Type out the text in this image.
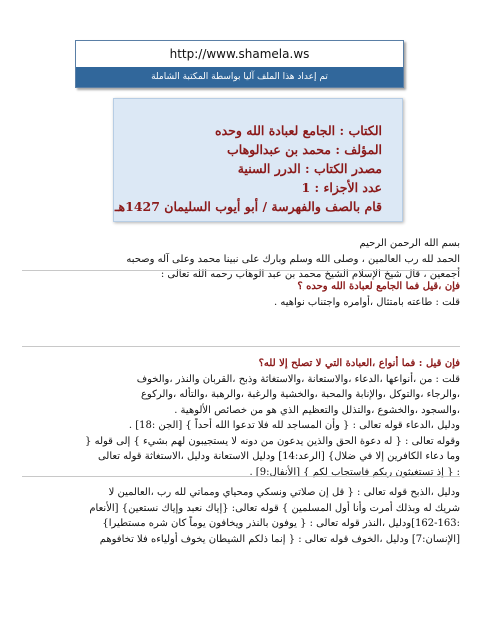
http://www.shamela.ws
تم إعداد هذا الملف آليا بواسطة المكتبة الشاملة
الكتاب : الجامع لعبادة الله وحده
المؤلف : محمد بن عبدالوهاب
مصدر الكتاب : الدرر السنية
عدد الأجزاء : 1
قام بالصف والفهرسة / أبو أيوب السليمان 1427هـ

بسم الله الرحمن الرحيم

الحمد لله رب العالمين ، وصلى الله وسلم وبارك على نبينا محمد وعلى آله وصحبه

أجمعين ، قال شيخ الإسلام الشيخ محمد بن عبد الوهاب رحمه الله تعالى :

فإن ،قيل فما الجامع لعبادة الله وحده ؟

قلت : طاعته بامتثال ،أوامره واجتناب نواهيه .

فإن قيل : فما أنواع ،العبادة التي لا تصلح إلا لله؟

قلت : من ،أنواعها ،الدعاء ،والاستعانة ،والاستغاثة وذبح ،القربان والنذر ،والخوف

،والرجاء ،والتوكل ،والإنابة والمحبة ،والخشية والرغبة ،والرهبة ،والتأله ،والركوع

،والسجود ،والخشوع ،والتذلل والتعظيم الذي هو من خصائص الألوهية .

ودليل ،الدعاء قوله تعالى : { وأن المساجد لله فلا تدعوا الله أحداً } [الجن :18] .

وقوله تعالى : { له دعوة الحق والذين يدعون من دونه لا يستجيبون لهم بشيء } إلى قوله {

وما دعاء الكافرين إلا في ضلال} [الرعد:14] ودليل الاستعانة ودليل ،الاستغاثة قوله تعالى

: { إذ تستغيثون ربكم فاستجاب لكم } [الأنفال:9] .

ودليل ،الذبح قوله تعالى : { قل إن صلاتي ونسكي ومحياي ومماتي لله رب ،العالمين لا

شريك له وبذلك أمرت وأنا أول المسلمين } قوله تعالى: {إياك نعبد وإياك نستعين} [الأنعام

:162-163]ودليل ،النذر قوله تعالى : { يوفون بالنذر ويخافون يوماً كان شره مستطيرا}

[الإنسان:7] ودليل ،الخوف قوله تعالى : { إنما ذلكم الشيطان يخوف أولياءه فلا تخافوهم
